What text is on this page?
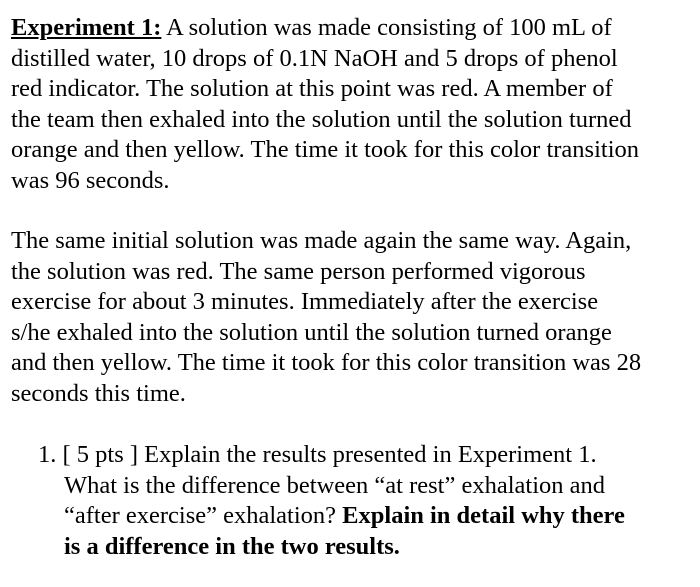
Experiment 1: A solution was made consisting of 100 mL of
distilled water, 10 drops of 0.1N NaOH and 5 drops of phenol
red indicator. The solution at this point was red. A member of
the team then exhaled into the solution until the solution turned
orange and then yellow. The time it took for this color transition
was 96 seconds.

The same initial solution was made again the same way. Again,
the solution was red. The same person performed vigorous
exercise for about 3 minutes. Immediately after the exercise
s/he exhaled into the solution until the solution turned orange
and then yellow. The time it took for this color transition was 28
seconds this time.

1. [ 5 pts ] Explain the results presented in Experiment 1.
What is the difference between “at rest” exhalation and
“after exercise” exhalation? Explain in detail why there
is a difference in the two results.
